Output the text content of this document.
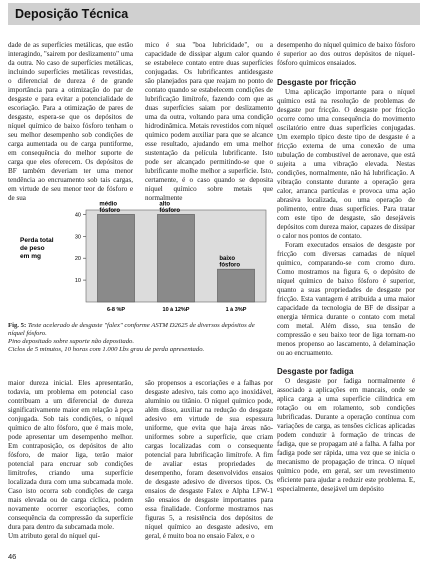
Deposição Técnica

dade de as superfícies metálicas, que estão interagindo, "sairem por deslizamento" uma da outra. No caso de superfícies metálicas, incluindo superfícies metálicas revestidas, o diferencial de dureza é de grande importância para a otimização do par de desgaste e para evitar a potencialidade de escoriação. Para a otimização de pares de desgaste, espera-se que os depósitos de níquel químico de baixo fósforo tenham o seu melhor desempenho sob condições de carga aumentada ou de carga puntiforme, em consequência do melhor suporte de carga que eles oferecem. Os depósitos de BF também deveriam ter uma menor tendência ao encruamento sob tais cargas, em virtude de seu menor teor de fósforo e de sua

mico é sua "boa lubricidade", ou a capacidade de dissipar algum calor quando se estabelece contato entre duas superfícies conjugadas. Os lubrificantes antidesgaste são planejados para que reajam no ponto de contato quando se estabelecem condições de lubrificação limítrofe, fazendo com que as duas superfícies saiam por deslizamento uma da outra, voltando para uma condição hidrodinâmica. Metais revestidos com níquel químico podem auxiliar para que se alcance esse resultado, ajudando em uma melhor sustentação da película lubrificante. Isto pode ser alcançado permitindo-se que o lubrificante molhe melhor a superfície. Isto, certamente, é o caso quando se deposita níquel químico sobre metais que normalmente

desempenho do níquel químico de baixo fósforo é superior ao dos outros depósitos de níquel-fósforo químicos ensaiados.

Desgaste por fricção

Uma aplicação importante para o níquel químico está na resolução de problemas de desgaste por fricção. O desgaste por fricção ocorre como uma consequência do movimento oscilatório entre duas superfícies conjugadas. Um exemplo típico deste tipo de desgaste é a fricção externa de uma conexão de uma tubulação de combustível de aeronave, que está sujeita a uma vibração elevada. Nestas condições, normalmente, não há lubrificação. A vibração constante durante a operação gera calor, arranca partículas e provoca uma ação abrasiva localizada, ou uma operação de polimento, entre duas superfícies. Para tratar com este tipo de desgaste, são desejáveis depósitos com dureza maior, capazes de dissipar o calor nos pontos de contato.

Foram executados ensaios de desgaste por fricção com diversas camadas de níquel químico, comparando-se com cromo duro. Como mostramos na figura 6, o depósito de níquel químico de baixo fósforo é superior, quanto a suas propriedades de desgaste por fricção. Esta vantagem é atribuída a uma maior capacidade da tecnologia de BF de dissipar a energia térmica durante o contato com metal com metal. Além disso, sua tensão de compressão e seu baixo teor de liga tornam-no menos propenso ao lascamento, à delaminação ou ao encruamento.

Desgaste por fadiga

O desgaste por fadiga normalmente é associado a aplicações em mancais, onde se aplica carga a uma superfície cilíndrica em rotação ou em rolamento, sob condições lubrificadas. Durante a operação contínua com variações de carga, as tensões cíclicas aplicadas podem conduzir à formação de trincas de fadiga, que se propagam até a falha. A falha por fadiga pode ser rápida, uma vez que se inicia o mecanismo de propagação de trinca. O níquel químico pode, em geral, ser um revestimento eficiente para ajudar a reduzir este problema. E, especialmente, desejável um depósito

40
30
20
10
Perda total
de peso
em mg
médio
fósforo
6-8 %P
alto
fósforo
10 à 12%P
baixo
fósforo
1 à 3%P
Fig. 5: Teste acelerado de desgaste "falex" conforme ASTM D2625 de diversos depósitos de níquel fósforo.
Pino depositado sobre suporte não depositado.
Ciclos de 5 minutos, 10 horas com 1.000 Lbs grau de perda apresentado.

maior dureza inicial. Eles apresentarão, todavia, um problema em potencial caso contribuam a um diferencial de dureza significativamente maior em relação à peça conjugada. Sob tais condições, o níquel químico de alto fósforo, que é mais mole, pode apresentar um desempenho melhor. Em contraposição, os depósitos de alto fósforo, de maior liga, terão maior potencial para encruar sob condições limítrofes, criando uma superfície localizada dura com uma subcamada mole. Caso isto ocorra sob condições de carga mais elevada ou de carga cíclica, podem novamente ocorrer escoriações, como consequência da compressão da superfície dura para dentro da subcamada mole.
Um atributo geral do níquel quí-

são propensos a escoriações e a falhas por desgaste adesivo, tais como aço inoxidável, alumínio ou titânio. O níquel químico pode, além disso, auxiliar na redução do desgaste adesivo em virtude de sua espessura uniforme, que evita que haja áreas não-uniformes sobre a superfície, que criam cargas localizadas com o consequente potencial para lubrificação limítrofe. A fim de avaliar estas propriedades de desempenho, foram desenvolvidos ensaios de desgaste adesivo de diversos tipos. Os ensaios de desgaste Falex e Alpha LFW-1 são ensaios de desgaste importantes para essa finalidade. Conforme mostramos nas figuras 5, a resistência dos depósitos de níquel químico ao desgaste adesivo, em geral, é muito boa no ensaio Falex, e o

46
